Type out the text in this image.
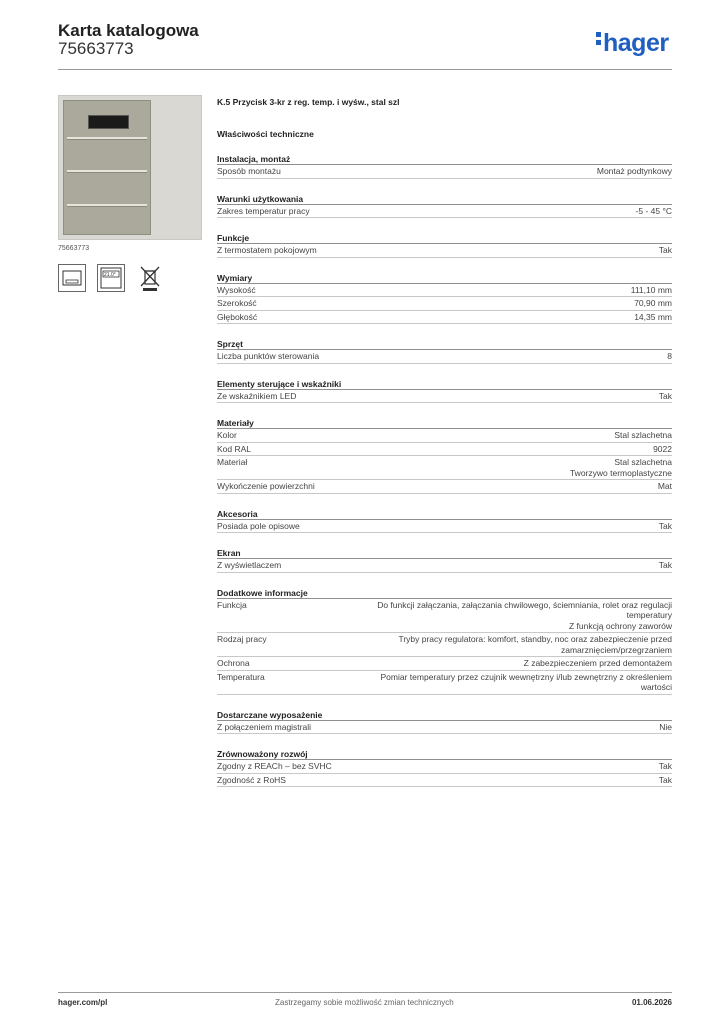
Karta katalogowa
75663773	hager
75663773
21.0°
K.5 Przycisk 3-kr z reg. temp. i wyśw., stal szl
Właściwości techniczne
Instalacja, montaż
Sposób montażu	Montaż podtynkowy
Warunki użytkowania
Zakres temperatur pracy	-5 - 45 °C
Funkcje
Z termostatem pokojowym	Tak
Wymiary
Wysokość	111,10 mm
Szerokość	70,90 mm
Głębokość	14,35 mm
Sprzęt
Liczba punktów sterowania	8
Elementy sterujące i wskaźniki
Ze wskaźnikiem LED	Tak
Materiały
Kolor	Stal szlachetna
Kod RAL	9022
Materiał	Stal szlachetna
Tworzywo termoplastyczne
Wykończenie powierzchni	Mat
Akcesoria
Posiada pole opisowe	Tak
Ekran
Z wyświetlaczem	Tak
Dodatkowe informacje
Funkcja	Do funkcji załączania, załączania chwilowego, ściemniania, rolet oraz regulacji
temperatury
Z funkcją ochrony zaworów
Rodzaj pracy	Tryby pracy regulatora: komfort, standby, noc oraz zabezpieczenie przed
zamarznięciem/przegrzaniem
Ochrona	Z zabezpieczeniem przed demontażem
Temperatura	Pomiar temperatury przez czujnik wewnętrzny i/lub zewnętrzny z określeniem
wartości
Dostarczane wyposażenie
Z połączeniem magistrali	Nie
Zrównoważony rozwój
Zgodny z REACh – bez SVHC	Tak
Zgodność z RoHS	Tak
hager.com/pl	Zastrzegamy sobie możliwość zmian technicznych	01.06.2026
